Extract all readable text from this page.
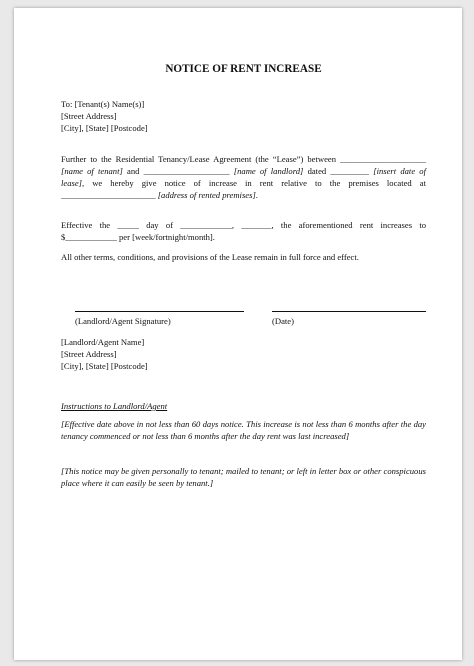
NOTICE OF RENT INCREASE
To: [Tenant(s) Name(s)]
[Street Address]
[City], [State] [Postcode]
Further to the Residential Tenancy/Lease Agreement (the “Lease”) between ____________________ [name of tenant] and ____________________ [name of landlord] dated _________ [insert date of lease], we hereby give notice of increase in rent relative to the premises located at ______________________ [address of rented premises].
Effective the _____ day of ____________, _______, the aforementioned rent increases to $____________ per [week/fortnight/month].
All other terms, conditions, and provisions of the Lease remain in full force and effect.
(Landlord/Agent Signature)	(Date)
[Landlord/Agent Name]
[Street Address]
[City], [State] [Postcode]
Instructions to Landlord/Agent
[Effective date above in not less than 60 days notice. This increase is not less than 6 months after the day tenancy commenced or not less than 6 months after the day rent was last increased]
[This notice may be given personally to tenant; mailed to tenant; or left in letter box or other conspicuous place where it can easily be seen by tenant.]
